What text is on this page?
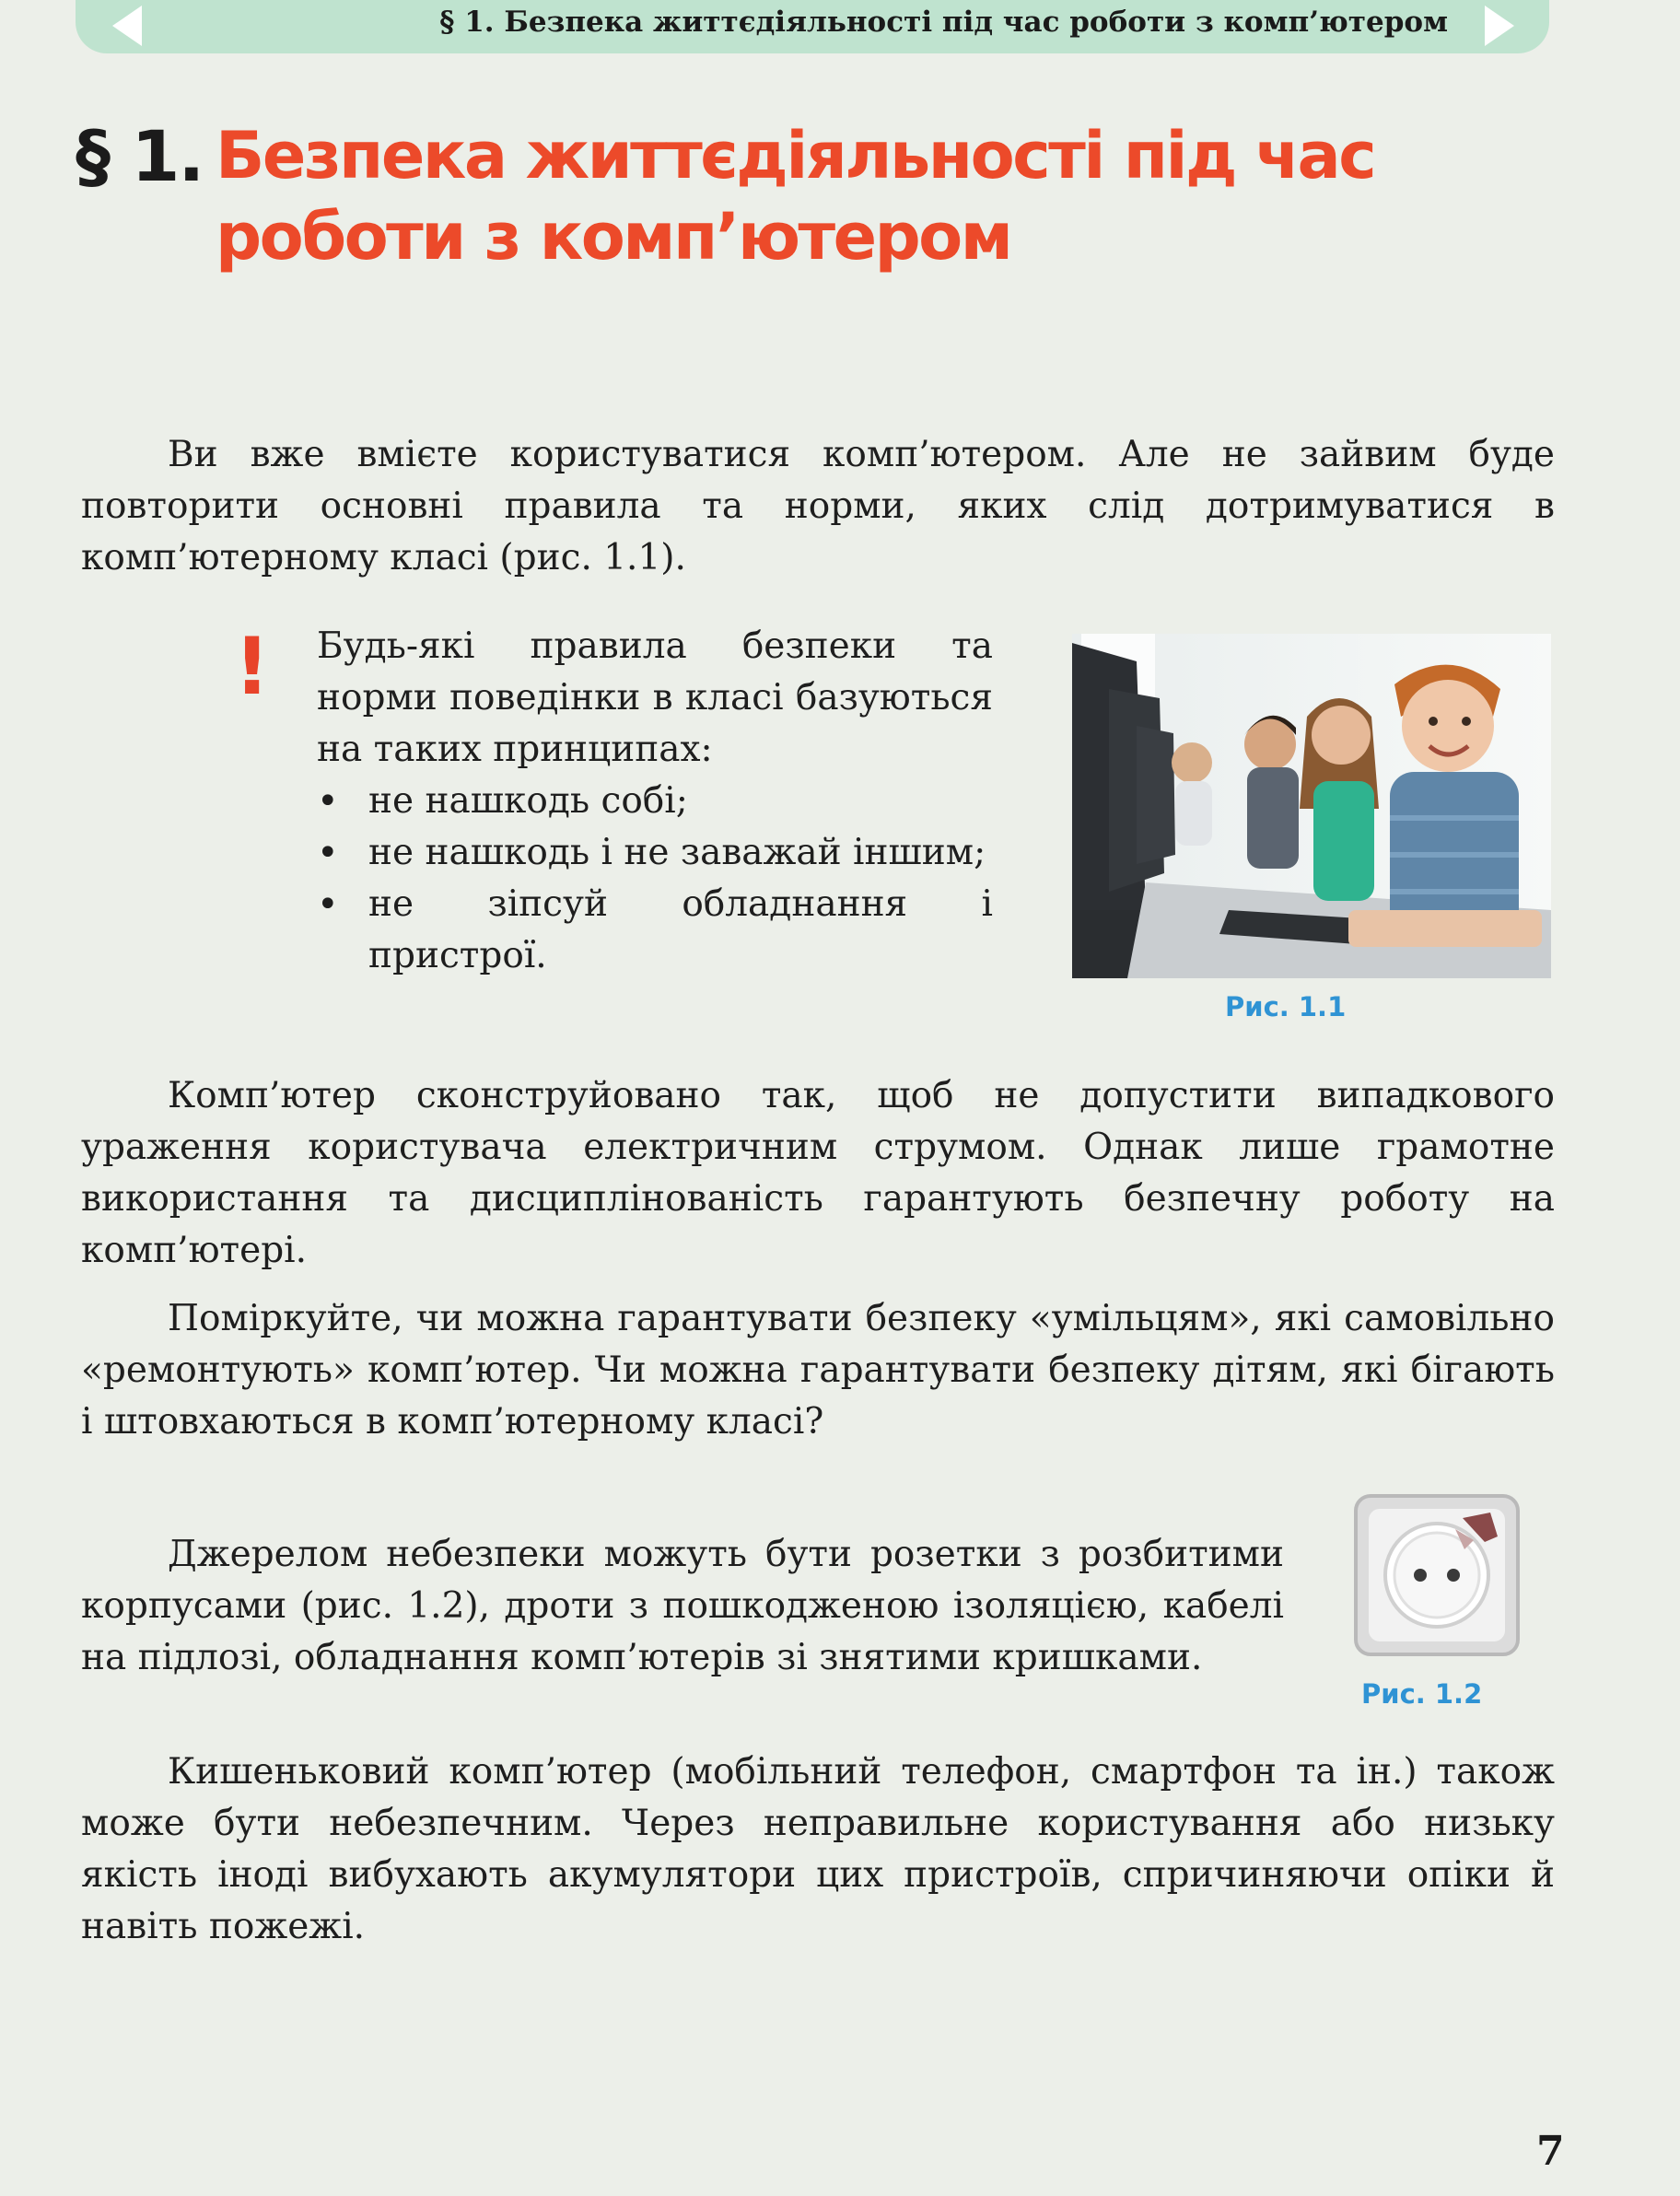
§ 1. Безпека життєдіяльності під час роботи з комп’ютером
§ 1. Безпека життєдіяльності під час роботи з комп’ютером

Ви вже вмієте користуватися комп’ютером. Але не зайвим буде повторити основні правила та норми, яких слід дотримуватися в комп’ютерному класі (рис. 1.1).

! Будь-які правила безпеки та норми поведінки в класі базуються на таких принципах:

• не нашкодь собі;
• не нашкодь і не заважай іншим;
• не зіпсуй обладнання і пристрої.
Рис. 1.1

Комп’ютер сконструйовано так, щоб не допустити випадкового ураження користувача електричним струмом. Однак лише грамотне використання та дисциплінованість гарантують безпечну роботу на комп’ютері.

Поміркуйте, чи можна гарантувати безпеку «умільцям», які самовільно «ремонтують» комп’ютер. Чи можна гарантувати безпеку дітям, які бігають і штовхаються в комп’ютерному класі?

Джерелом небезпеки можуть бути розетки з розбитими корпусами (рис. 1.2), дроти з пошкодженою ізоляцією, кабелі на підлозі, обладнання комп’ютерів зі знятими кришками.

Рис. 1.2

Кишеньковий комп’ютер (мобільний телефон, смартфон та ін.) також може бути небезпечним. Через неправильне користування або низьку якість іноді вибухають акумулятори цих пристроїв, спричиняючи опіки й навіть пожежі.

7
